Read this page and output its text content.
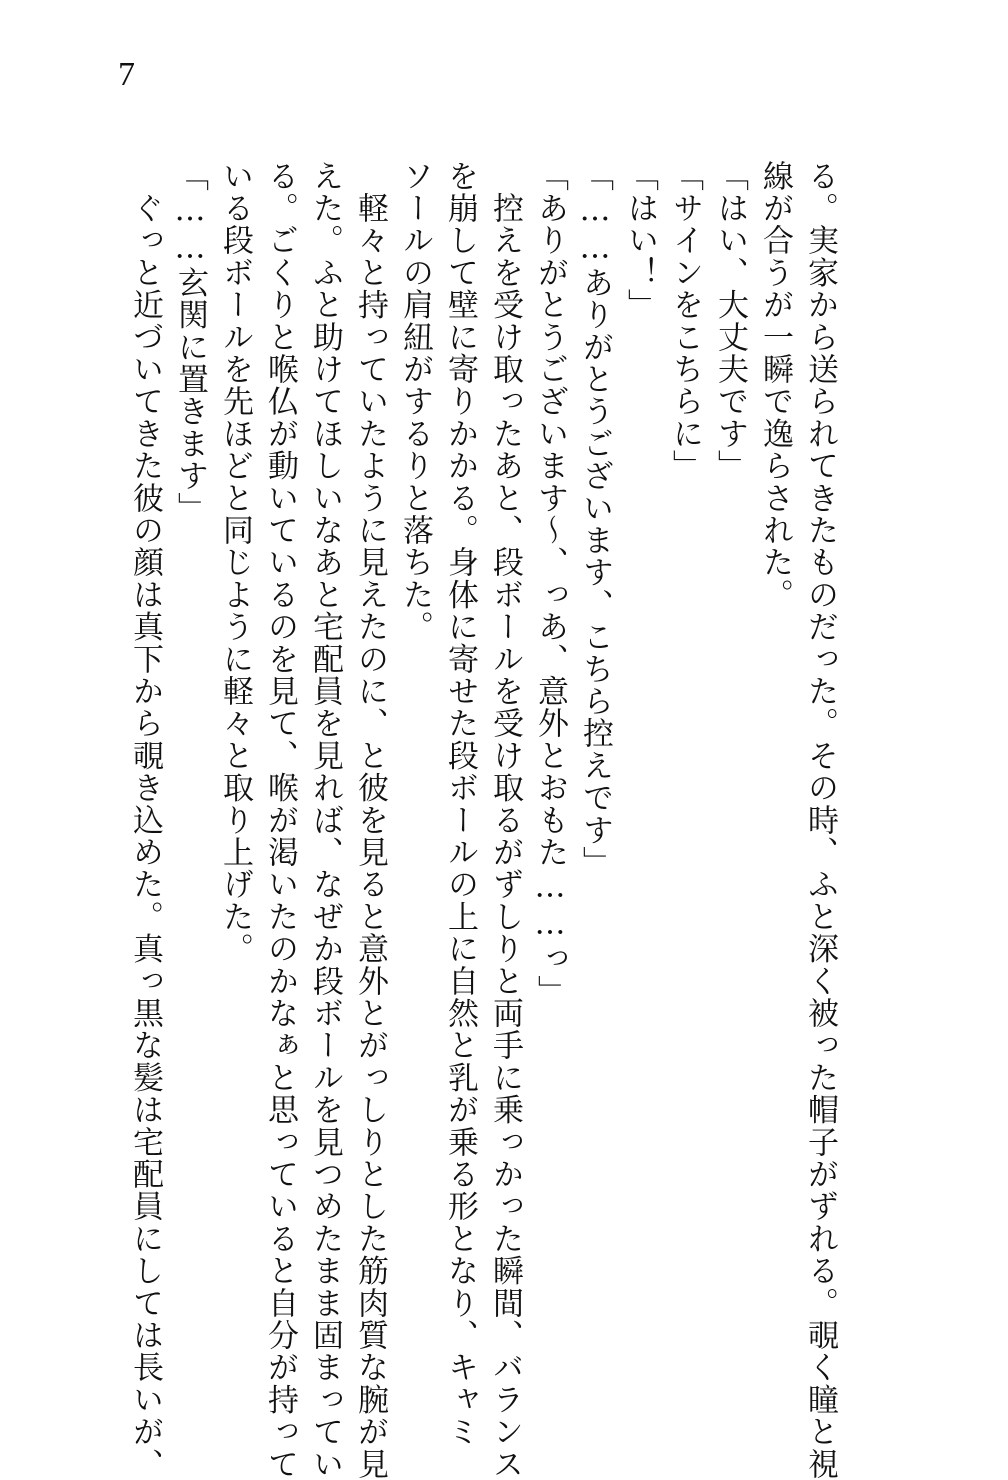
7
る。実家から送られてきたものだった。その時、ふと深く被った帽子がずれる。覗く瞳と視
線が合うが一瞬で逸らされた。
「はい、大丈夫です」
「サインをこちらに」
「はい！」
「……ありがとうございます、こちら控えです」
「ありがとうございます～、っあ、意外とおもた……っ」
　控えを受け取ったあと、段ボールを受け取るがずしりと両手に乗っかった瞬間、バランス
を崩して壁に寄りかかる。身体に寄せた段ボールの上に自然と乳が乗る形となり、キャミ
ソールの肩紐がするりと落ちた。
　軽々と持っていたように見えたのに、と彼を見ると意外とがっしりとした筋肉質な腕が見
えた。ふと助けてほしいなあと宅配員を見れば、なぜか段ボールを見つめたまま固まってい
る。ごくりと喉仏が動いているのを見て、喉が渇いたのかなぁと思っていると自分が持って
いる段ボールを先ほどと同じように軽々と取り上げた。
「……玄関に置きます」
　ぐっと近づいてきた彼の顔は真下から覗き込めた。真っ黒な髪は宅配員にしては長いが、
